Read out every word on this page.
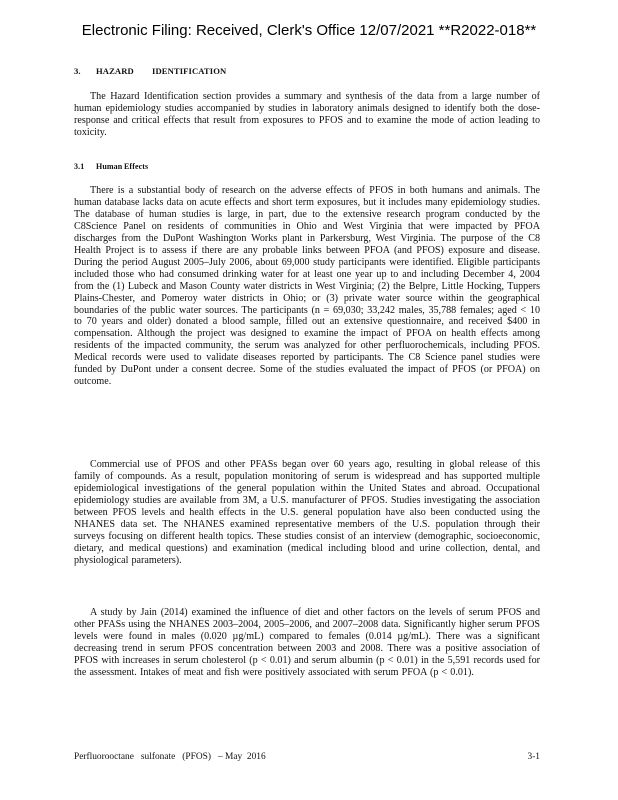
Electronic Filing: Received, Clerk's Office 12/07/2021 **R2022-018**
3. HAZARD IDENTIFICATION

The Hazard Identification section provides a summary and synthesis of the data from a large number of human epidemiology studies accompanied by studies in laboratory animals designed to identify both the dose-response and critical effects that result from exposures to PFOS and to examine the mode of action leading to toxicity.

3.1 Human Effects

There is a substantial body of research on the adverse effects of PFOS in both humans and animals. The human database lacks data on acute effects and short term exposures, but it includes many epidemiology studies. The database of human studies is large, in part, due to the extensive research program conducted by the C8Science Panel on residents of communities in Ohio and West Virginia that were impacted by PFOA discharges from the DuPont Washington Works plant in Parkersburg, West Virginia. The purpose of the C8 Health Project is to assess if there are any probable links between PFOA (and PFOS) exposure and disease. During the period August 2005–July 2006, about 69,000 study participants were identified. Eligible participants included those who had consumed drinking water for at least one year up to and including December 4, 2004 from the (1) Lubeck and Mason County water districts in West Virginia; (2) the Belpre, Little Hocking, Tuppers Plains-Chester, and Pomeroy water districts in Ohio; or (3) private water source within the geographical boundaries of the public water sources. The participants (n = 69,030; 33,242 males, 35,788 females; aged < 10 to 70 years and older) donated a blood sample, filled out an extensive questionnaire, and received $400 in compensation. Although the project was designed to examine the impact of PFOA on health effects among residents of the impacted community, the serum was analyzed for other perfluorochemicals, including PFOS. Medical records were used to validate diseases reported by participants. The C8 Science panel studies were funded by DuPont under a consent decree. Some of the studies evaluated the impact of PFOS (or PFOA) on outcome.

Commercial use of PFOS and other PFASs began over 60 years ago, resulting in global release of this family of compounds. As a result, population monitoring of serum is widespread and has supported multiple epidemiological investigations of the general population within the United States and abroad. Occupational epidemiology studies are available from 3M, a U.S. manufacturer of PFOS. Studies investigating the association between PFOS levels and health effects in the U.S. general population have also been conducted using the NHANES data set. The NHANES examined representative members of the U.S. population through their surveys focusing on different health topics. These studies consist of an interview (demographic, socioeconomic, dietary, and medical questions) and examination (medical including blood and urine collection, dental, and physiological parameters).

A study by Jain (2014) examined the influence of diet and other factors on the levels of serum PFOS and other PFASs using the NHANES 2003–2004, 2005–2006, and 2007–2008 data. Significantly higher serum PFOS levels were found in males (0.020 µg/mL) compared to females (0.014 µg/mL). There was a significant decreasing trend in serum PFOS concentration between 2003 and 2008. There was a positive association of PFOS with increases in serum cholesterol (p < 0.01) and serum albumin (p < 0.01) in the 5,591 records used for the assessment. Intakes of meat and fish were positively associated with serum PFOA (p < 0.01).

Perfluorooctane   sulfonate   (PFOS)   – May  2016	3-1
